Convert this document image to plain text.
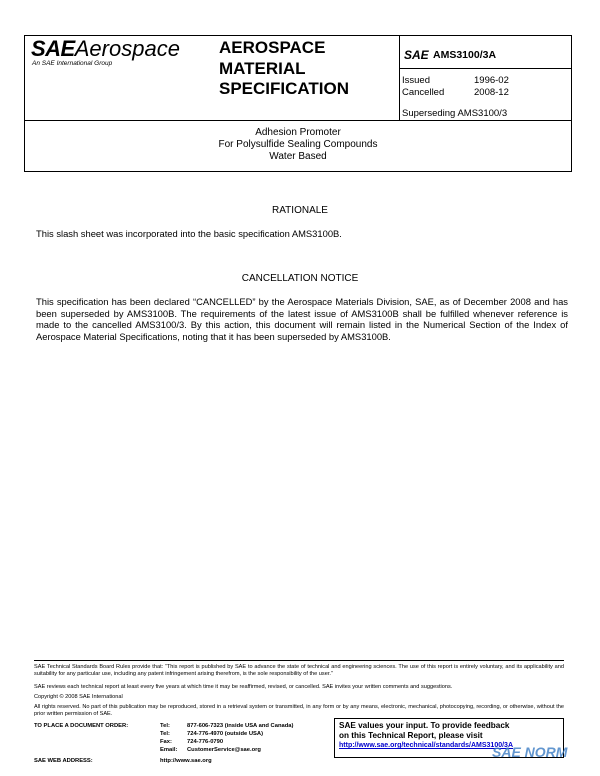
SAEAerospace
An SAE International Group
AEROSPACE
MATERIAL
SPECIFICATION
SAE AMS3100/3A
Issued	1996-02
Cancelled	2008-12
Superseding AMS3100/3
Adhesion Promoter
For Polysulfide Sealing Compounds
Water Based
RATIONALE
This slash sheet was incorporated into the basic specification AMS3100B.
CANCELLATION NOTICE
This specification has been declared “CANCELLED” by the Aerospace Materials Division, SAE, as of December 2008 and has been superseded by AMS3100B. The requirements of the latest issue of AMS3100B shall be fulfilled whenever reference is made to the cancelled AMS3100/3. By this action, this document will remain listed in the Numerical Section of the Index of Aerospace Material Specifications, noting that it has been superseded by AMS3100B.
SAE Technical Standards Board Rules provide that: “This report is published by SAE to advance the state of technical and engineering sciences. The use of this report is entirely voluntary, and its applicability and suitability for any particular use, including any patent infringement arising therefrom, is the sole responsibility of the user.”
SAE reviews each technical report at least every five years at which time it may be reaffirmed, revised, or cancelled. SAE invites your written comments and suggestions.
Copyright © 2008 SAE International
All rights reserved. No part of this publication may be reproduced, stored in a retrieval system or transmitted, in any form or by any means, electronic, mechanical, photocopying, recording, or otherwise, without the prior written permission of SAE.
TO PLACE A DOCUMENT ORDER:	Tel:	877-606-7323 (inside USA and Canada)
Tel:	724-776-4970 (outside USA)
Fax:	724-776-0790
Email: CustomerService@sae.org
SAE WEB ADDRESS:	http://www.sae.org
SAE values your input. To provide feedback
on this Technical Report, please visit
http://www.sae.org/technical/standards/AMS3100/3A
SAE NORM
